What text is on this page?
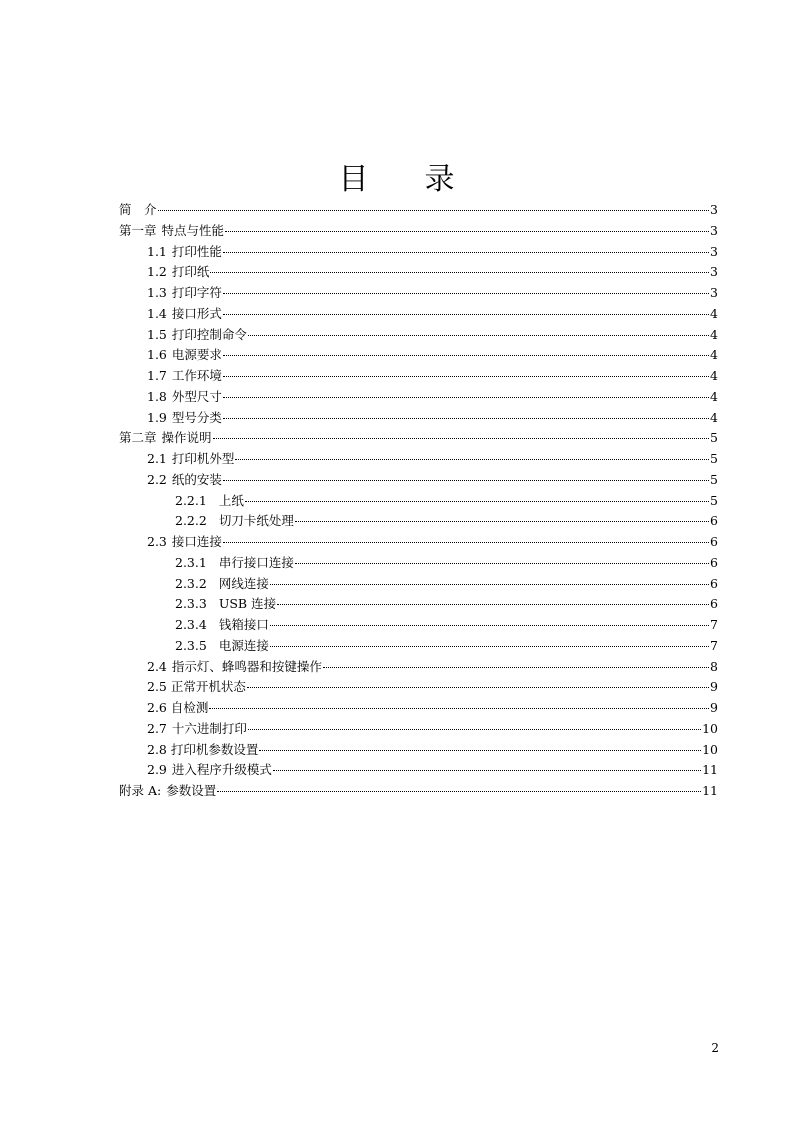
目 录
简　介	3
第一章 特点与性能	3
1.1 打印性能	3
1.2 打印纸	3
1.3 打印字符	3
1.4 接口形式	4
1.5 打印控制命令	4
1.6 电源要求	4
1.7 工作环境	4
1.8 外型尺寸	4
1.9 型号分类	4
第二章 操作说明	5
2.1 打印机外型	5
2.2 纸的安装	5
2.2.1 上纸	5
2.2.2 切刀卡纸处理	6
2.3 接口连接	6
2.3.1 串行接口连接	6
2.3.2 网线连接	6
2.3.3 USB 连接	6
2.3.4 钱箱接口	7
2.3.5 电源连接	7
2.4 指示灯、蜂鸣器和按键操作	8
2.5 正常开机状态	9
2.6 自检测	9
2.7 十六进制打印	10
2.8 打印机参数设置	10
2.9 进入程序升级模式	11
附录 A: 参数设置	11
2
